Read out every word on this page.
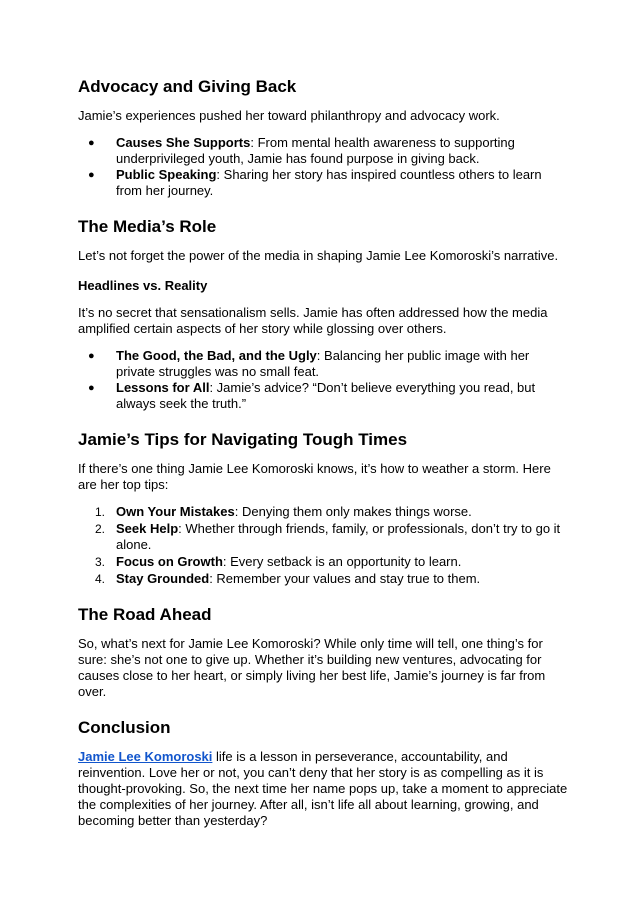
Advocacy and Giving Back

Jamie’s experiences pushed her toward philanthropy and advocacy work.

●	Causes She Supports: From mental health awareness to supporting underprivileged youth, Jamie has found purpose in giving back.
●	Public Speaking: Sharing her story has inspired countless others to learn from her journey.
The Media’s Role

Let’s not forget the power of the media in shaping Jamie Lee Komoroski’s narrative.

Headlines vs. Reality

It’s no secret that sensationalism sells. Jamie has often addressed how the media amplified certain aspects of her story while glossing over others.

●	The Good, the Bad, and the Ugly: Balancing her public image with her private struggles was no small feat.
●	Lessons for All: Jamie’s advice? “Don’t believe everything you read, but always seek the truth.”
Jamie’s Tips for Navigating Tough Times

If there’s one thing Jamie Lee Komoroski knows, it’s how to weather a storm. Here are her top tips:

1. Own Your Mistakes: Denying them only makes things worse.
2. Seek Help: Whether through friends, family, or professionals, don’t try to go it alone.
3. Focus on Growth: Every setback is an opportunity to learn.
4. Stay Grounded: Remember your values and stay true to them.
The Road Ahead

So, what’s next for Jamie Lee Komoroski? While only time will tell, one thing’s for sure: she’s not one to give up. Whether it’s building new ventures, advocating for causes close to her heart, or simply living her best life, Jamie’s journey is far from over.

Conclusion

Jamie Lee Komoroski life is a lesson in perseverance, accountability, and reinvention. Love her or not, you can’t deny that her story is as compelling as it is thought-provoking. So, the next time her name pops up, take a moment to appreciate the complexities of her journey. After all, isn’t life all about learning, growing, and becoming better than yesterday?
